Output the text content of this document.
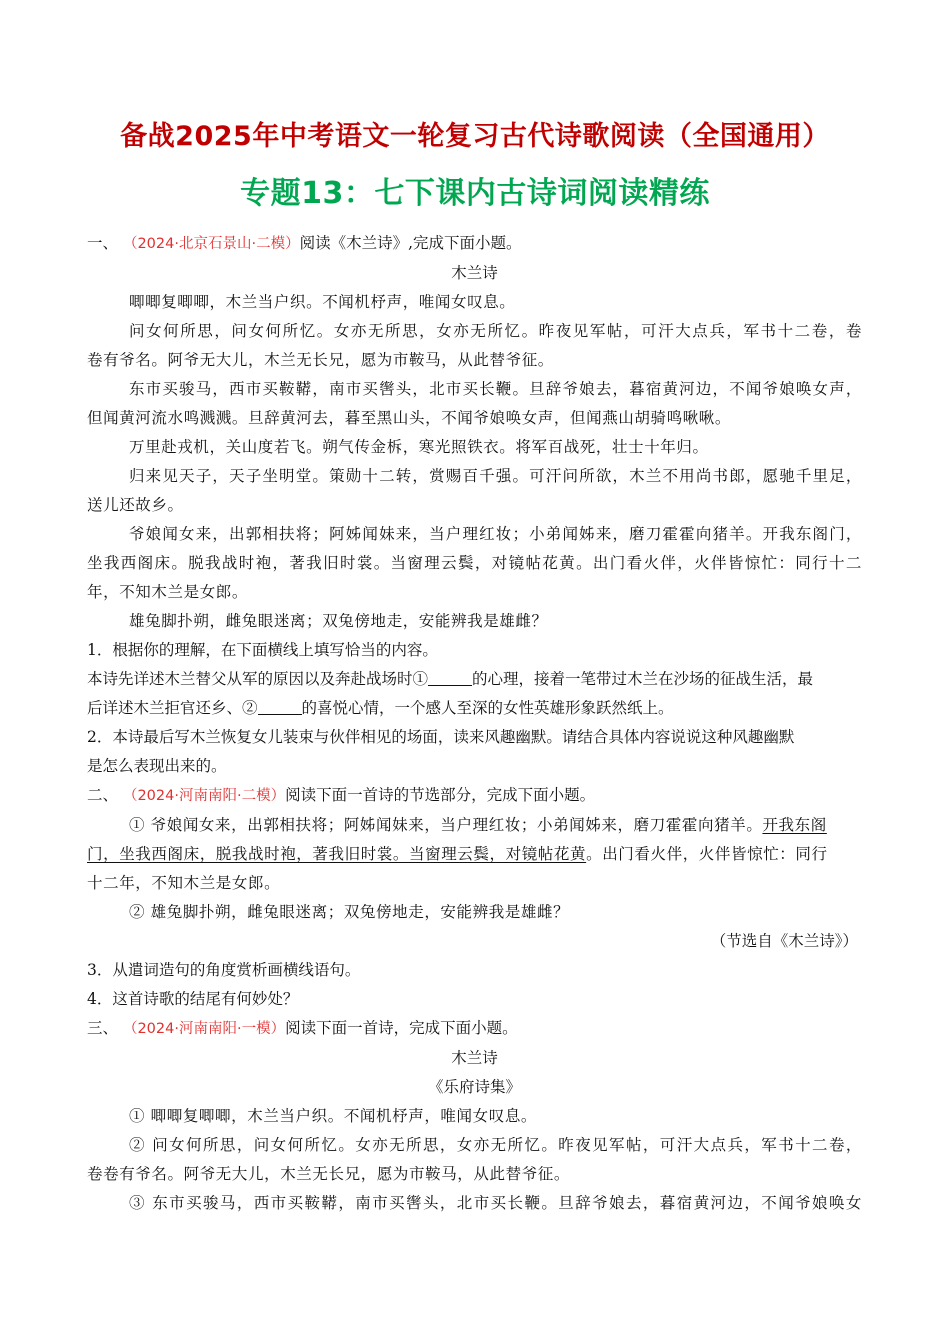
备战2025年中考语文一轮复习古代诗歌阅读（全国通用）
专题13：七下课内古诗词阅读精练
一、 （2024·北京石景山·二模）阅读《木兰诗》,完成下面小题。
木兰诗
唧唧复唧唧，木兰当户织。不闻机杼声，唯闻女叹息。
问女何所思，问女何所忆。女亦无所思，女亦无所忆。昨夜见军帖，可汗大点兵，军书十二卷，卷
卷有爷名。阿爷无大儿，木兰无长兄，愿为市鞍马，从此替爷征。
东市买骏马，西市买鞍鞯，南市买辔头，北市买长鞭。旦辞爷娘去，暮宿黄河边，不闻爷娘唤女声，
但闻黄河流水鸣溅溅。旦辞黄河去，暮至黑山头，不闻爷娘唤女声，但闻燕山胡骑鸣啾啾。
万里赴戎机，关山度若飞。朔气传金柝，寒光照铁衣。将军百战死，壮士十年归。
归来见天子，天子坐明堂。策勋十二转，赏赐百千强。可汗问所欲，木兰不用尚书郎，愿驰千里足，
送儿还故乡。
爷娘闻女来，出郭相扶将；阿姊闻妹来，当户理红妆；小弟闻姊来，磨刀霍霍向猪羊。开我东阁门，
坐我西阁床。脱我战时袍，著我旧时裳。当窗理云鬓，对镜帖花黄。出门看火伴，火伴皆惊忙：同行十二
年，不知木兰是女郎。
雄兔脚扑朔，雌兔眼迷离；双兔傍地走，安能辨我是雄雌？
1．根据你的理解，在下面横线上填写恰当的内容。
本诗先详述木兰替父从军的原因以及奔赴战场时①	的心理，接着一笔带过木兰在沙场的征战生活，最
后详述木兰拒官还乡、②	的喜悦心情，一个感人至深的女性英雄形象跃然纸上。
2．本诗最后写木兰恢复女儿装束与伙伴相见的场面，读来风趣幽默。请结合具体内容说说这种风趣幽默
是怎么表现出来的。
二、 （2024·河南南阳·二模）阅读下面一首诗的节选部分，完成下面小题。
① 爷娘闻女来，出郭相扶将；阿姊闻妹来，当户理红妆；小弟闻姊来，磨刀霍霍向猪羊。开我东阁
门，坐我西阁床，脱我战时袍，著我旧时裳。当窗理云鬓，对镜帖花黄。出门看火伴，火伴皆惊忙：同行
十二年，不知木兰是女郎。
② 雄兔脚扑朔，雌兔眼迷离；双兔傍地走，安能辨我是雄雌？
（节选自《木兰诗》）
3．从遣词造句的角度赏析画横线语句。
4．这首诗歌的结尾有何妙处？
三、 （2024·河南南阳·一模）阅读下面一首诗，完成下面小题。
木兰诗
《乐府诗集》
① 唧唧复唧唧，木兰当户织。不闻机杼声，唯闻女叹息。
② 问女何所思，问女何所忆。女亦无所思，女亦无所忆。昨夜见军帖，可汗大点兵，军书十二卷，
卷卷有爷名。阿爷无大儿，木兰无长兄，愿为市鞍马，从此替爷征。
③ 东市买骏马，西市买鞍鞯，南市买辔头，北市买长鞭。旦辞爷娘去，暮宿黄河边，不闻爷娘唤女
